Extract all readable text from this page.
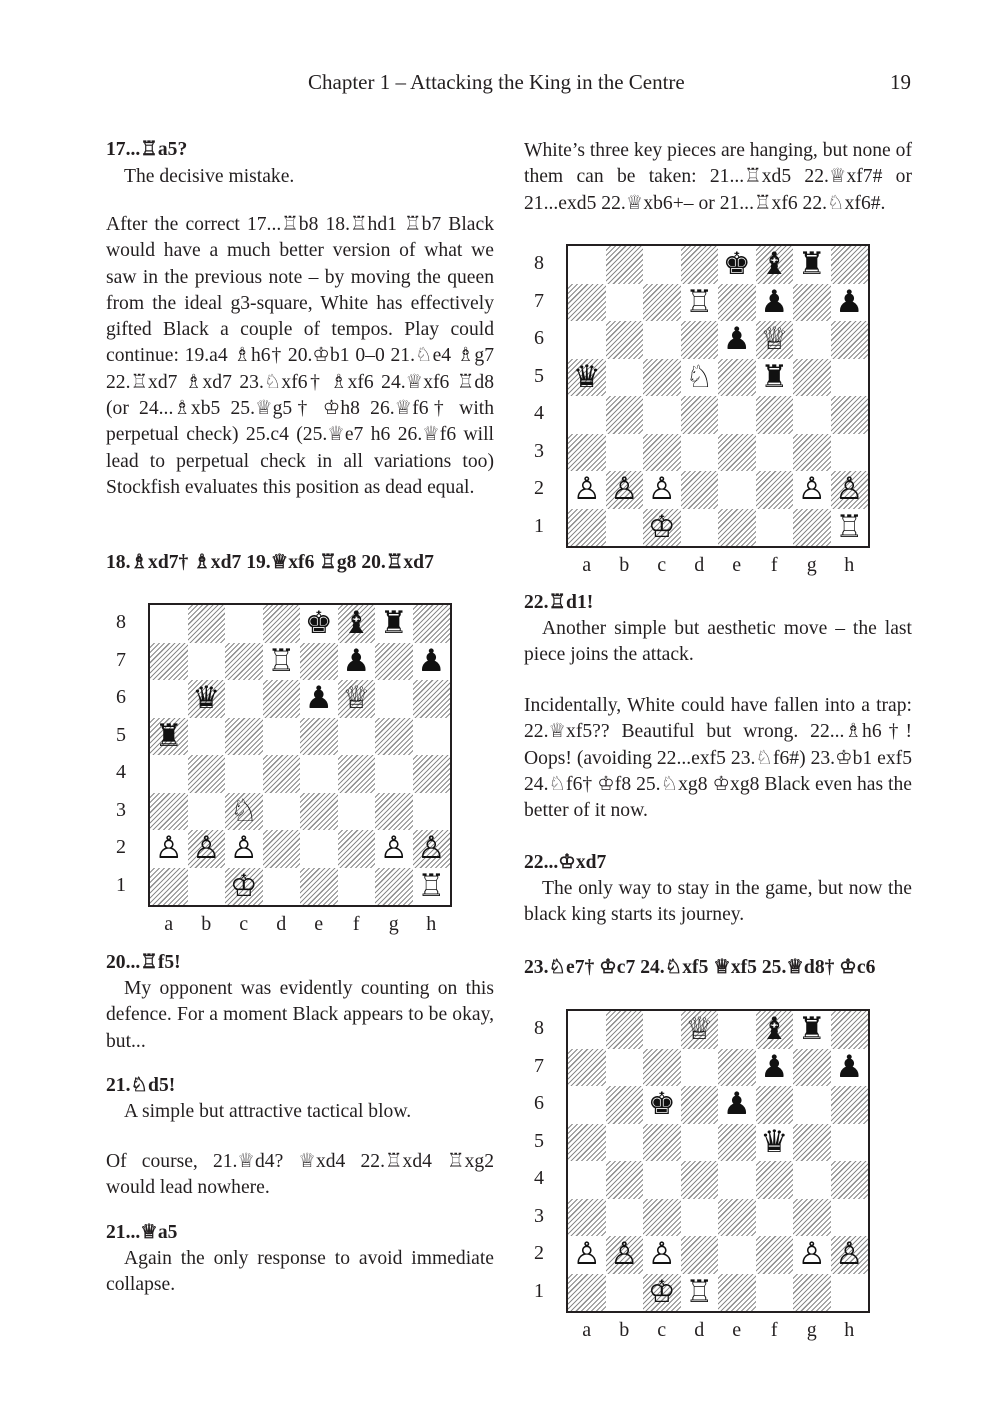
Chapter 1 – Attacking the King in the Centre	19
17...♖a5?

The decisive mistake.

After the correct 17...♖b8 18.♖hd1 ♖b7 Black would have a much better version of what we saw in the previous note – by moving the queen from the ideal g3-square, White has effectively gifted Black a couple of tempos. Play could continue: 19.a4 ♗h6† 20.♔b1 0–0 21.♘e4 ♗g7 22.♖xd7 ♗xd7 23.♘xf6† ♗xf6 24.♕xf6 ♖d8 (or 24...♗xb5 25.♕g5† ♔h8 26.♕f6† with perpetual check) 25.c4 (25.♕e7 h6 26.♕f6 will lead to perpetual check in all variations too) Stockfish evaluates this position as dead equal.

18.♗xd7† ♗xd7 19.♕xf6 ♖g8 20.♖xd7
♚ ♝ ♜
♖ ♟ ♟
♛	♟ ♕
♜
♘
♙ ♙ ♙	♙ ♙
♔	♖
8
7
6
5
4
3
2
1
a	b	c	d	e	f	g	h
20...♖f5!

My opponent was evidently counting on this defence. For a moment Black appears to be okay, but...

21.♘d5!

A simple but attractive tactical blow.

Of course, 21.♕d4? ♕xd4 22.♖xd4 ♖xg2 would lead nowhere.

21...♕a5

Again the only response to avoid immediate collapse.

White’s three key pieces are hanging, but none of them can be taken: 21...♖xd5 22.♕xf7# or 21...exd5 22.♕xb6+– or 21...♖xf6 22.♘xf6#.

♚ ♝ ♜
♖ ♟ ♟
♟ ♕
♛	♘ ♜
♙ ♙ ♙	♙ ♙
♔	♖
8
7
6
5
4
3
2
1
a	b	c	d	e	f	g	h
22.♖d1!

Another simple but aesthetic move – the last piece joins the attack.

Incidentally, White could have fallen into a trap: 22.♕xf5?? Beautiful but wrong. 22...♗h6†! Oops! (avoiding 22...exf5 23.♘f6#) 23.♔b1 exf5 24.♘f6† ♔f8 25.♘xg8 ♔xg8 Black even has the better of it now.

22...♔xd7

The only way to stay in the game, but now the black king starts its journey.

23.♘e7† ♔c7 24.♘xf5 ♕xf5 25.♕d8† ♔c6
♕ ♝ ♜
♟ ♟
♚ ♟
♛
♙ ♙ ♙	♙ ♙
♔ ♖
8
7
6
5
4
3
2
1
a	b	c	d	e	f	g	h
